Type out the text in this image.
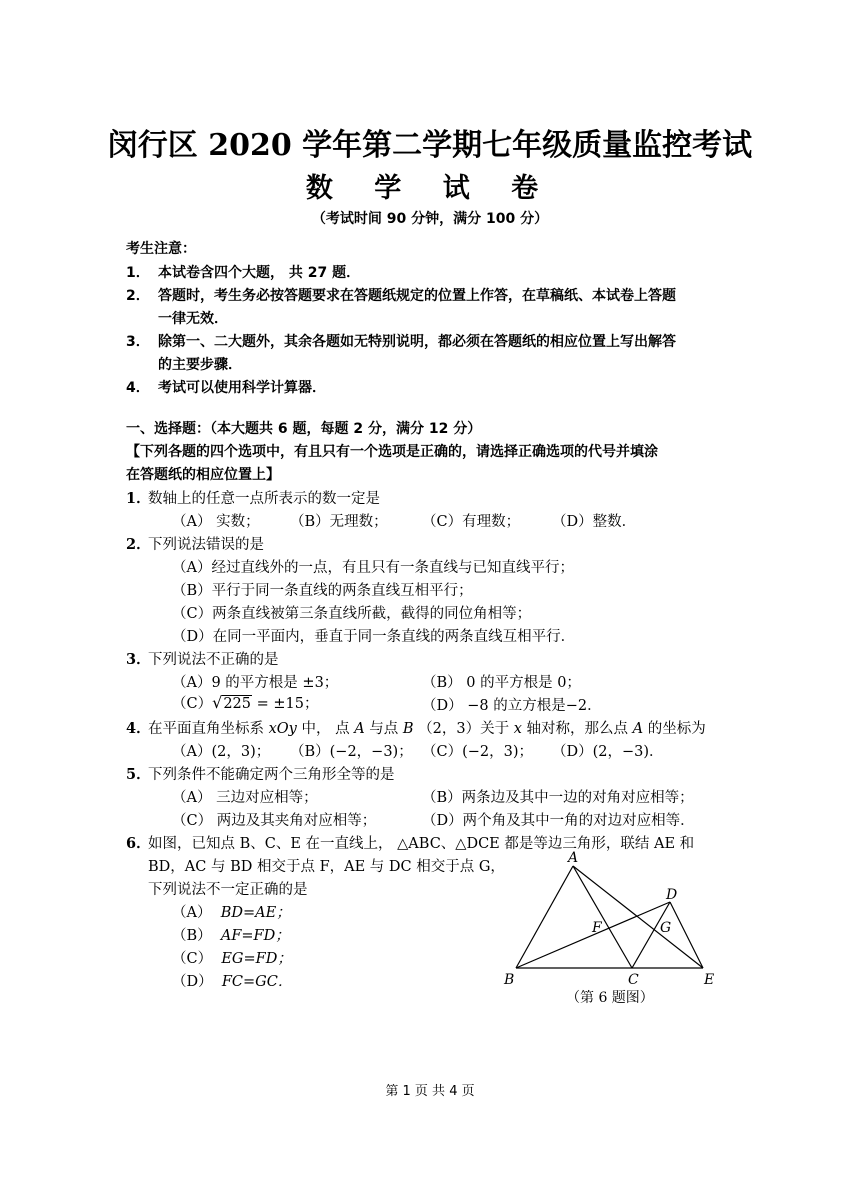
闵行区 2020 学年第二学期七年级质量监控考试
数 学 试 卷
（考试时间 90 分钟，满分 100 分）
考生注意：
1． 本试卷含四个大题， 共 27 题．
2． 答题时，考生务必按答题要求在答题纸规定的位置上作答，在草稿纸、本试卷上答题
一律无效．
3． 除第一、二大题外，其余各题如无特别说明，都必须在答题纸的相应位置上写出解答
的主要步骤．
4． 考试可以使用科学计算器．
一、选择题：（本大题共 6 题，每题 2 分，满分 12 分）
【下列各题的四个选项中，有且只有一个选项是正确的，请选择正确选项的代号并填涂
在答题纸的相应位置上】
1．
数轴上的任意一点所表示的数一定是
（A） 实数； （B）无理数； （C）有理数； （D）整数．
2．
下列说法错误的是
（A）经过直线外的一点，有且只有一条直线与已知直线平行；
（B）平行于同一条直线的两条直线互相平行；
（C）两条直线被第三条直线所截，截得的同位角相等；
（D）在同一平面内，垂直于同一条直线的两条直线互相平行．
3．
下列说法不正确的是
（A）9 的平方根是 ±3；	（B） 0 的平方根是 0；
（C）√225 = ±15；	（D） −8 的立方根是−2．
4．
在平面直角坐标系 xOy 中， 点 A 与点 B （2，3）关于 x 轴对称，那么点 A 的坐标为
（A）(2，3)； （B）(−2，−3)； （C）(−2，3)； （D）(2，−3)．
5．
下列条件不能确定两个三角形全等的是
（A） 三边对应相等；	（B）两条边及其中一边的对角对应相等；
（C） 两边及其夹角对应相等；	（D）两个角及其中一角的对边对应相等．
6．
如图，已知点 B、C、E 在一直线上， △ABC、△DCE 都是等边三角形，联结 AE 和
BD，AC 与 BD 相交于点 F，AE 与 DC 相交于点 G，
下列说法不一定正确的是
（A） BD=AE；
（B） AF=FD；
（C） EG=FD；
（D） FC=GC．
A
B	C
D
E
F	G
（第 6 题图）
第 1 页 共 4 页
